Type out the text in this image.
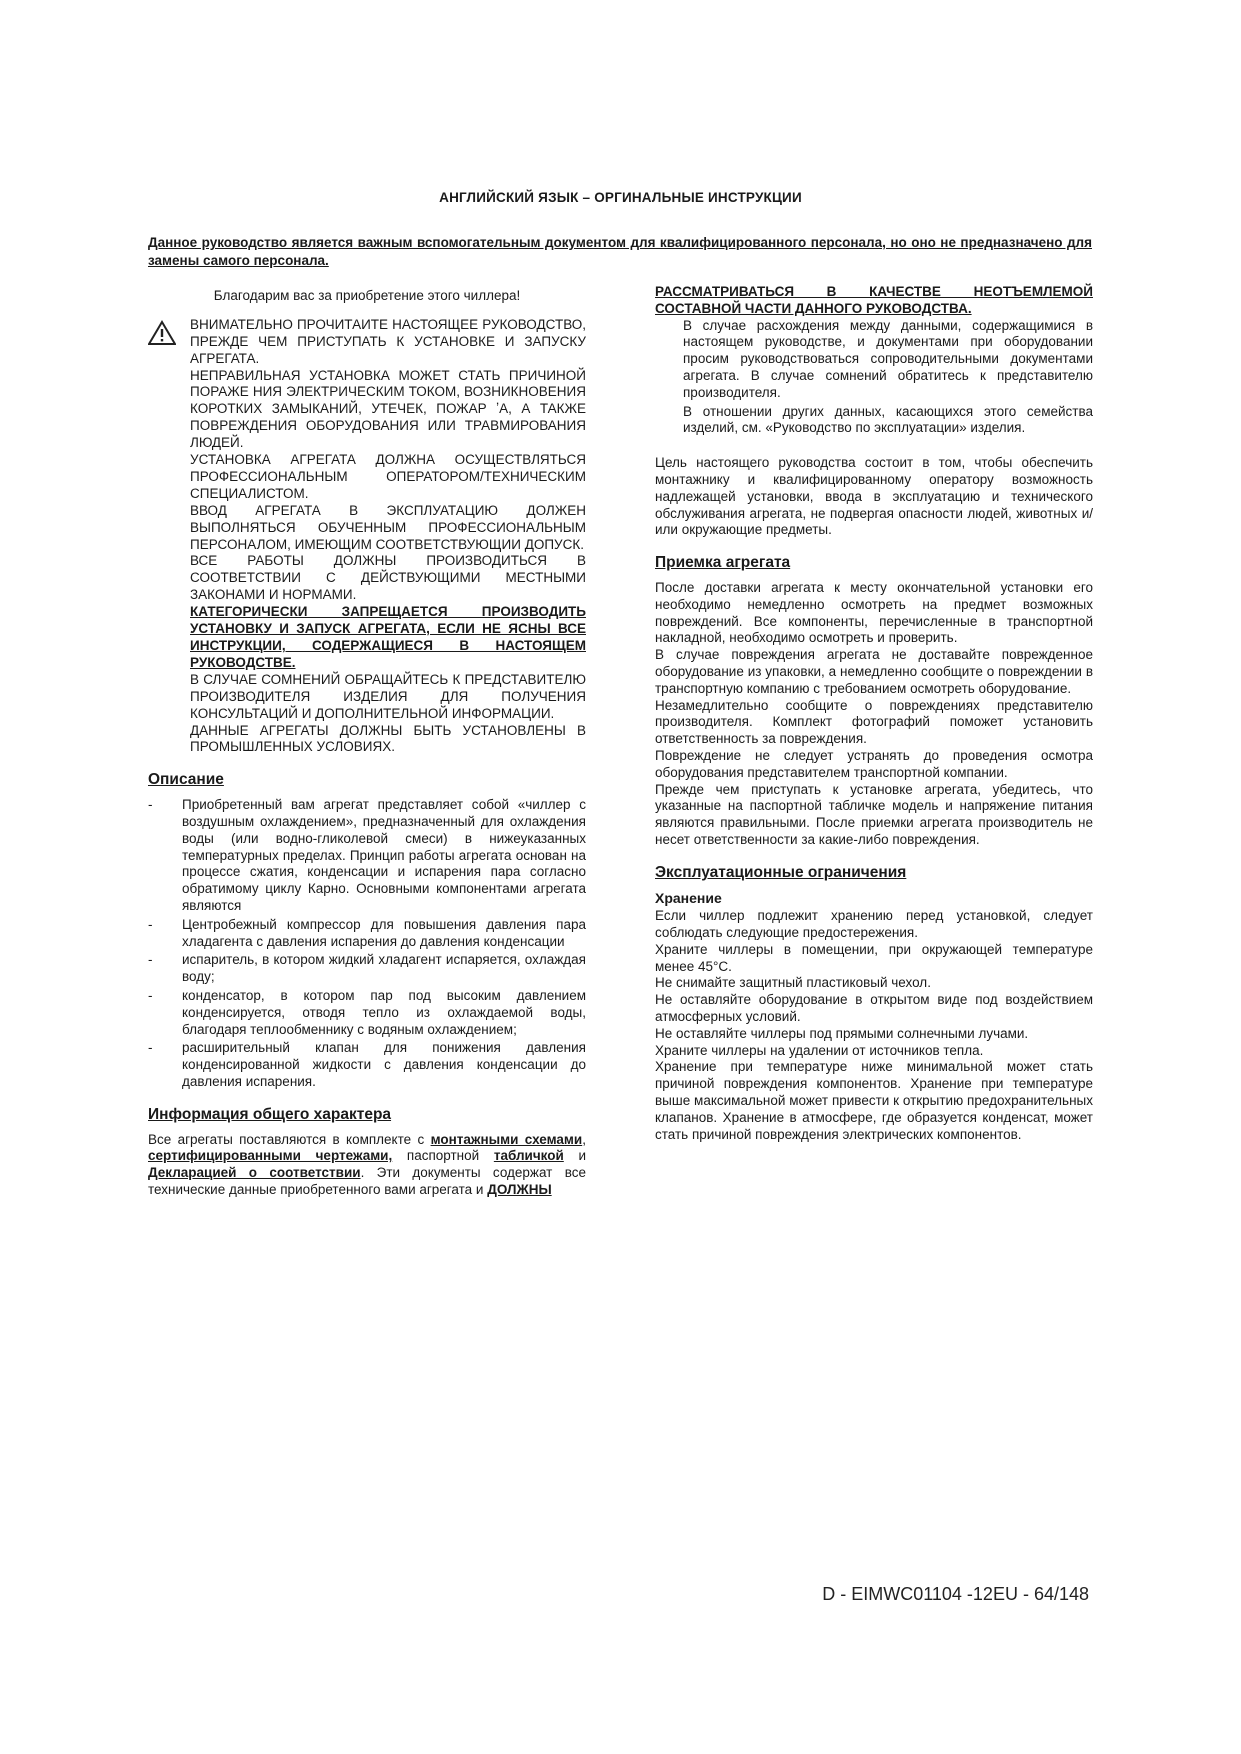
АНГЛИЙСКИЙ ЯЗЫК – ОРГИНАЛЬНЫЕ ИНСТРУКЦИИ
Данное руководство является важным вспомогательным документом для квалифицированного персонала, но оно не предназначено для замены самого персонала.

Благодарим вас за приобретение этого чиллера!

ВНИМАТЕЛЬНО ПРОЧИТАИТЕ НАСТОЯЩЕЕ РУКОВОДСТВО, ПРЕЖДЕ ЧЕМ ПРИСТУПАТЬ К УСТАНОВКЕ И ЗАПУСКУ АГРЕГАТА.

НЕПРАВИЛЬНАЯ УСТАНОВКА МОЖЕТ СТАТЬ ПРИЧИНОЙ ПОРАЖЕ НИЯ ЭЛЕКТРИЧЕСКИМ ТОКОМ, ВОЗНИКНОВЕНИЯ КОРОТКИХ ЗАМЫКАНИЙ, УТЕЧЕК, ПОЖАР ʼА, А ТАКЖЕ ПОВРЕЖДЕНИЯ ОБОРУДОВАНИЯ ИЛИ ТРАВМИРОВАНИЯ ЛЮДЕЙ.

УСТАНОВКА АГРЕГАТА ДОЛЖНА ОСУЩЕСТВЛЯТЬСЯ ПРОФЕССИОНАЛЬНЫМ ОПЕРАТОРОМ/ТЕХНИЧЕСКИМ СПЕЦИАЛИСТОМ.

ВВОД АГРЕГАТА В ЭКСПЛУАТАЦИЮ ДОЛЖЕН ВЫПОЛНЯТЬСЯ ОБУЧЕННЫМ ПРОФЕССИОНАЛЬНЫМ ПЕРСОНАЛОМ, ИМЕЮЩИМ СООТВЕТСТВУЮЩИИ ДОПУСК.

ВСЕ РАБОТЫ ДОЛЖНЫ ПРОИЗВОДИТЬСЯ В СООТВЕТСТВИИ С ДЕЙСТВУЮЩИМИ МЕСТНЫМИ ЗАКОНАМИ И НОРМАМИ.

КАТЕГОРИЧЕСКИ ЗАПРЕЩАЕТСЯ ПРОИЗВОДИТЬ УСТАНОВКУ И ЗАПУСК АГРЕГАТА, ЕСЛИ НЕ ЯСНЫ ВСЕ ИНСТРУКЦИИ, СОДЕРЖАЩИЕСЯ В НАСТОЯЩЕМ РУКОВОДСТВЕ.

В СЛУЧАЕ СОМНЕНИЙ ОБРАЩАЙТЕСЬ К ПРЕДСТАВИТЕЛЮ ПРОИЗВОДИТЕЛЯ ИЗДЕЛИЯ ДЛЯ ПОЛУЧЕНИЯ КОНСУЛЬТАЦИЙ И ДОПОЛНИТЕЛЬНОЙ ИНФОРМАЦИИ.

ДАННЫЕ АГРЕГАТЫ ДОЛЖНЫ БЫТЬ УСТАНОВЛЕНЫ В ПРОМЫШЛЕННЫХ УСЛОВИЯХ.

Описание
- Приобретенный вам агрегат представляет собой «чиллер с воздушным охлаждением», предназначенный для охлаждения воды (или водно-гликолевой смеси) в нижеуказанных температурных пределах. Принцип работы агрегата основан на процессе сжатия, конденсации и испарения пара согласно обратимому циклу Карно. Основными компонентами агрегата являются
- Центробежный компрессор для повышения давления пара хладагента с давления испарения до давления конденсации
- испаритель, в котором жидкий хладагент испаряется, охлаждая воду;
- конденсатор, в котором пар под высоким давлением конденсируется, отводя тепло из охлаждаемой воды, благодаря теплообменнику с водяным охлаждением;
- расширительный клапан для понижения давления конденсированной жидкости с давления конденсации до давления испарения.
Информация общего характера

Все агрегаты поставляются в комплекте с монтажными схемами, сертифицированными чертежами, паспортной табличкой и Декларацией о соответствии. Эти документы содержат все технические данные приобретенного вами агрегата и ДОЛЖНЫ

РАССМАТРИВАТЬСЯ В КАЧЕСТВЕ НЕОТЪЕМЛЕМОЙ СОСТАВНОЙ ЧАСТИ ДАННОГО РУКОВОДСТВА.

В случае расхождения между данными, содержащимися в настоящем руководстве, и документами при оборудовании просим руководствоваться сопроводительными документами агрегата. В случае сомнений обратитесь к представителю производителя.

В отношении других данных, касающихся этого семейства изделий, см. «Руководство по эксплуатации» изделия.

Цель настоящего руководства состоит в том, чтобы обеспечить монтажнику и квалифицированному оператору возможность надлежащей установки, ввода в эксплуатацию и технического обслуживания агрегата, не подвергая опасности людей, животных и/или окружающие предметы.

Приемка агрегата

После доставки агрегата к месту окончательной установки его необходимо немедленно осмотреть на предмет возможных повреждений. Все компоненты, перечисленные в транспортной накладной, необходимо осмотреть и проверить.

В случае повреждения агрегата не доставайте поврежденное оборудование из упаковки, а немедленно сообщите о повреждении в транспортную компанию с требованием осмотреть оборудование.

Незамедлительно сообщите о повреждениях представителю производителя. Комплект фотографий поможет установить ответственность за повреждения.

Повреждение не следует устранять до проведения осмотра оборудования представителем транспортной компании.

Прежде чем приступать к установке агрегата, убедитесь, что указанные на паспортной табличке модель и напряжение питания являются правильными. После приемки агрегата производитель не несет ответственности за какие-либо повреждения.

Эксплуатационные ограничения
Хранение

Если чиллер подлежит хранению перед установкой, следует соблюдать следующие предостережения.

Храните чиллеры в помещении, при окружающей температуре менее 45°С.

Не снимайте защитный пластиковый чехол.

Не оставляйте оборудование в открытом виде под воздействием атмосферных условий.

Не оставляйте чиллеры под прямыми солнечными лучами.

Храните чиллеры на удалении от источников тепла.

Хранение при температуре ниже минимальной может стать причиной повреждения компонентов. Хранение при температуре выше максимальной может привести к открытию предохранительных клапанов. Хранение в атмосфере, где образуется конденсат, может стать причиной повреждения электрических компонентов.

D - EIMWC01104 -12EU - 64/148
